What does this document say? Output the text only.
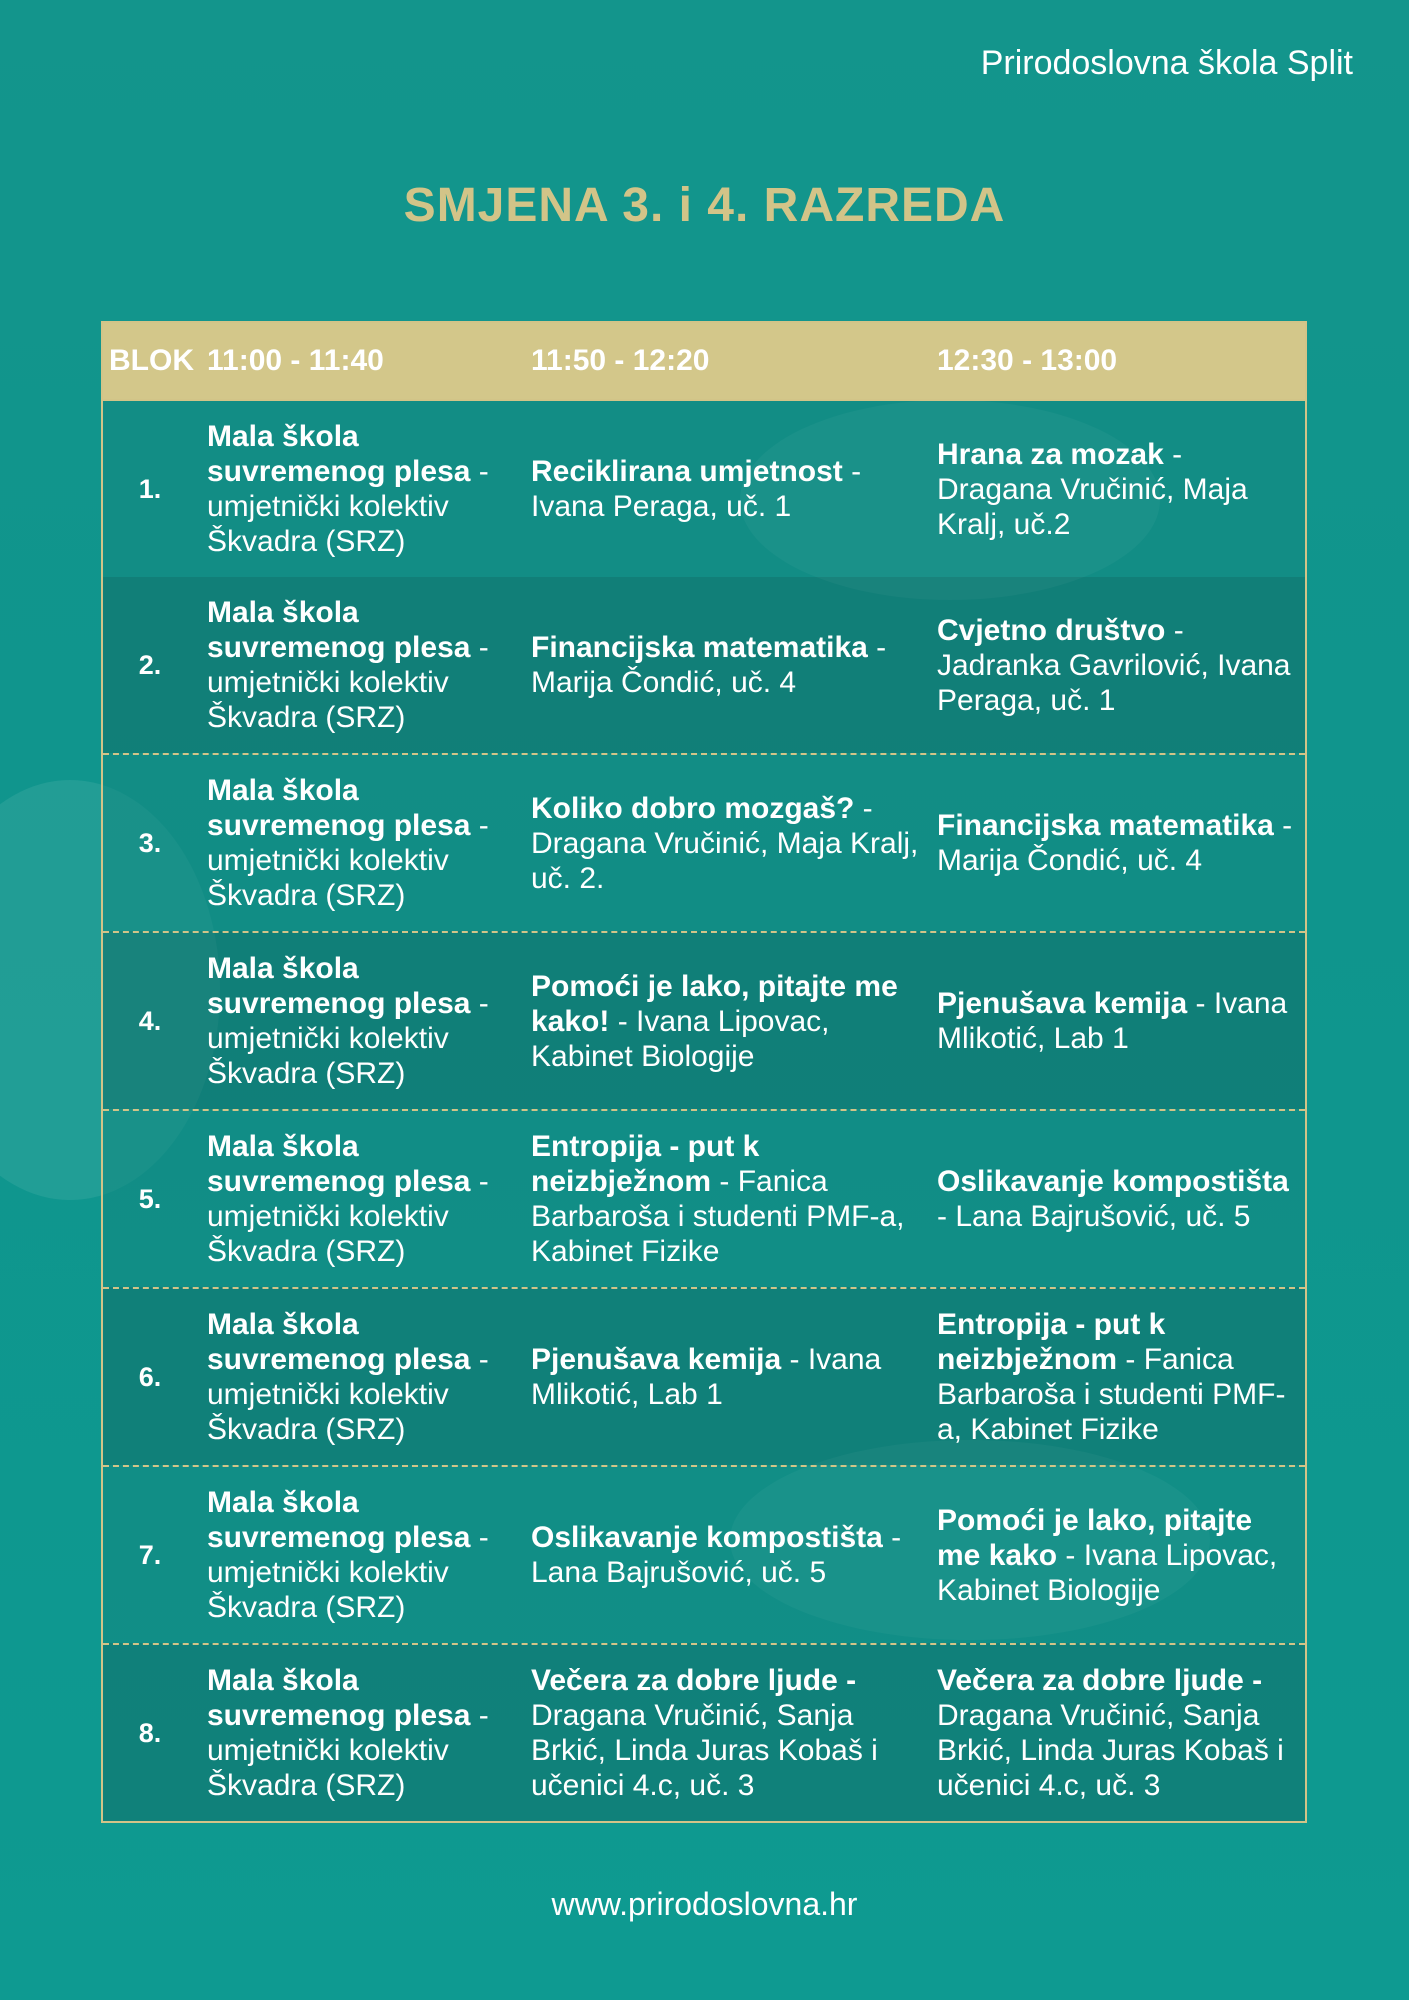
Prirodoslovna škola Split
SMJENA 3. i 4. RAZREDA
BLOK 11:00 - 11:40	11:50 - 12:20	12:30 - 13:00
1.
Mala škola suvremenog plesa - umjetnički kolektiv Škvadra (SRZ)
Reciklirana umjetnost - Ivana Peraga, uč. 1
Hrana za mozak - Dragana Vručinić, Maja Kralj, uč.2
2.
Mala škola suvremenog plesa - umjetnički kolektiv Škvadra (SRZ)
Financijska matematika - Marija Čondić, uč. 4
Cvjetno društvo - Jadranka Gavrilović, Ivana Peraga, uč. 1
3.
Mala škola suvremenog plesa - umjetnički kolektiv Škvadra (SRZ)
Koliko dobro mozgaš? - Dragana Vručinić, Maja Kralj, uč. 2.
Financijska matematika - Marija Čondić, uč. 4
4.
Mala škola suvremenog plesa - umjetnički kolektiv Škvadra (SRZ)
Pomoći je lako, pitajte me kako! - Ivana Lipovac, Kabinet Biologije
Pjenušava kemija - Ivana Mlikotić, Lab 1
5.
Mala škola suvremenog plesa - umjetnički kolektiv Škvadra (SRZ)
Entropija - put k neizbježnom - Fanica Barbaroša i studenti PMF-a, Kabinet Fizike
Oslikavanje kompostišta - Lana Bajrušović, uč. 5
6.
Mala škola suvremenog plesa - umjetnički kolektiv Škvadra (SRZ)
Pjenušava kemija - Ivana Mlikotić, Lab 1
Entropija - put k neizbježnom - Fanica Barbaroša i studenti PMF-a, Kabinet Fizike
7.
Mala škola suvremenog plesa - umjetnički kolektiv Škvadra (SRZ)
Oslikavanje kompostišta - Lana Bajrušović, uč. 5
Pomoći je lako, pitajte me kako - Ivana Lipovac, Kabinet Biologije
8.
Mala škola suvremenog plesa - umjetnički kolektiv Škvadra (SRZ)
Večera za dobre ljude - Dragana Vručinić, Sanja Brkić, Linda Juras Kobaš i učenici 4.c, uč. 3
Večera za dobre ljude - Dragana Vručinić, Sanja Brkić, Linda Juras Kobaš i učenici 4.c, uč. 3
www.prirodoslovna.hr
